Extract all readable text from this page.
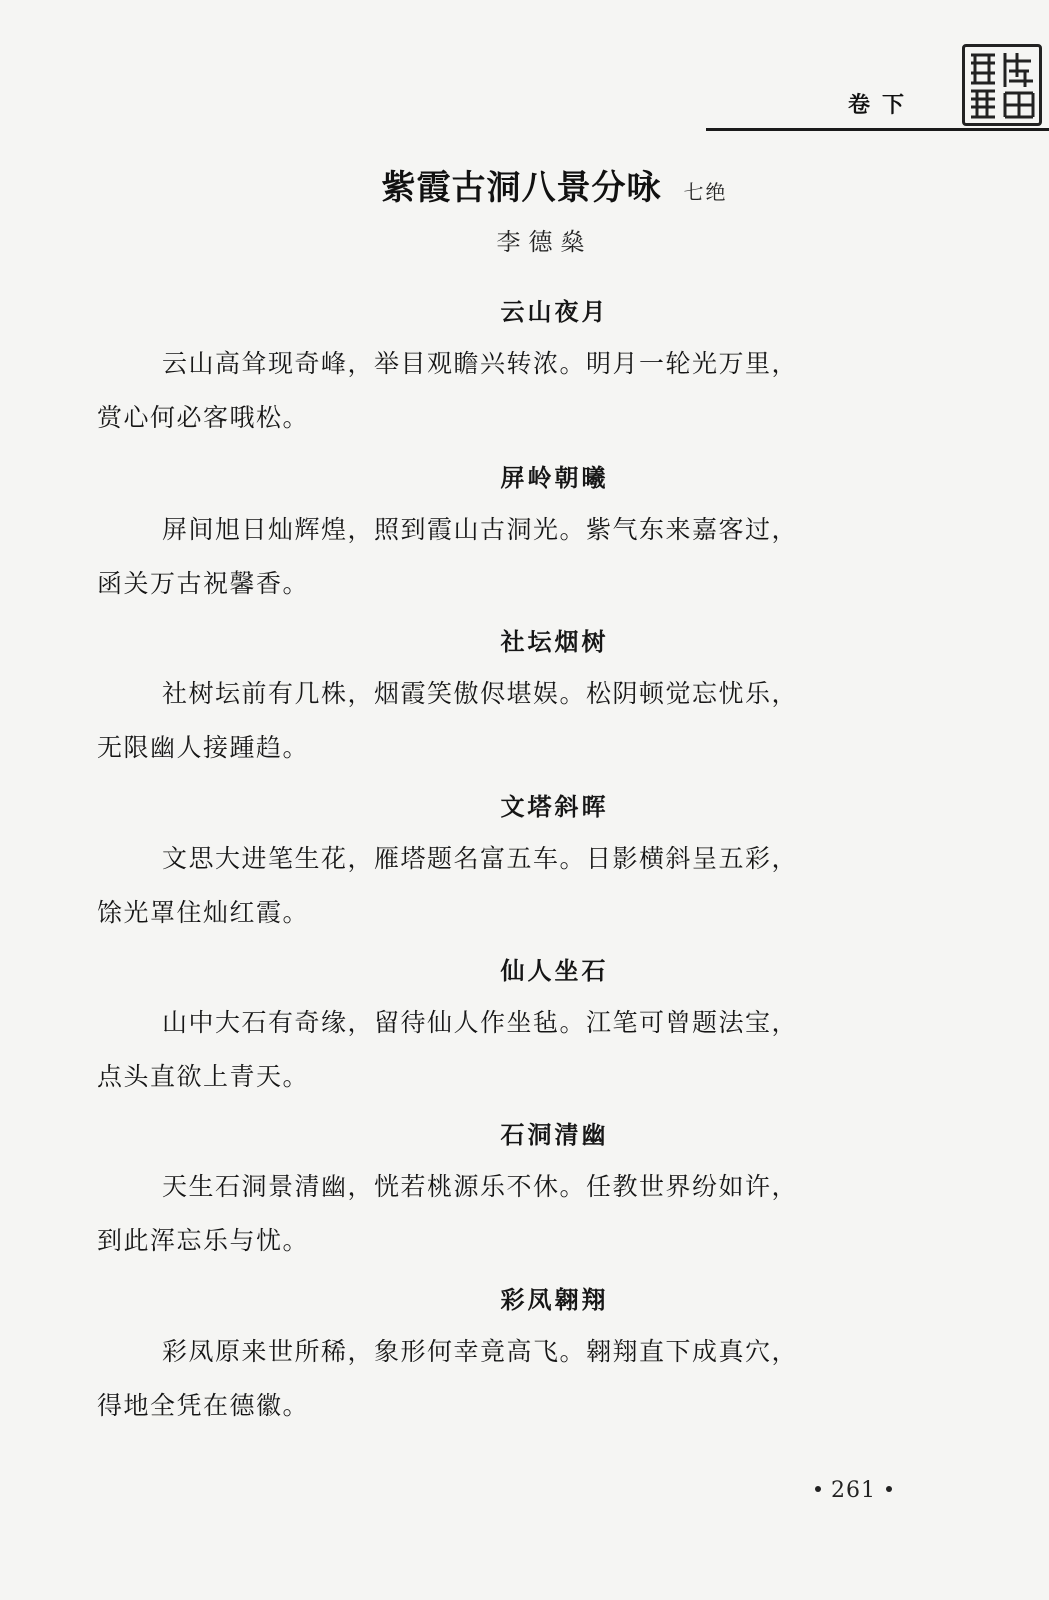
卷下
紫霞古洞八景分咏 七绝
李德燊
云山夜月
云山高耸现奇峰，举目观瞻兴转浓。明月一轮光万里，
赏心何必客哦松。
屏岭朝曦
屏间旭日灿辉煌，照到霞山古洞光。紫气东来嘉客过，
函关万古祝馨香。
社坛烟树
社树坛前有几株，烟霞笑傲侭堪娱。松阴顿觉忘忧乐，
无限幽人接踵趋。
文塔斜晖
文思大进笔生花，雁塔题名富五车。日影横斜呈五彩，
馀光罩住灿红霞。
仙人坐石
山中大石有奇缘，留待仙人作坐毡。江笔可曾题法宝，
点头直欲上青天。
石洞清幽
天生石洞景清幽，恍若桃源乐不休。任教世界纷如许，
到此浑忘乐与忧。
彩凤翱翔
彩凤原来世所稀，象形何幸竟高飞。翱翔直下成真穴，
得地全凭在德徽。
261
